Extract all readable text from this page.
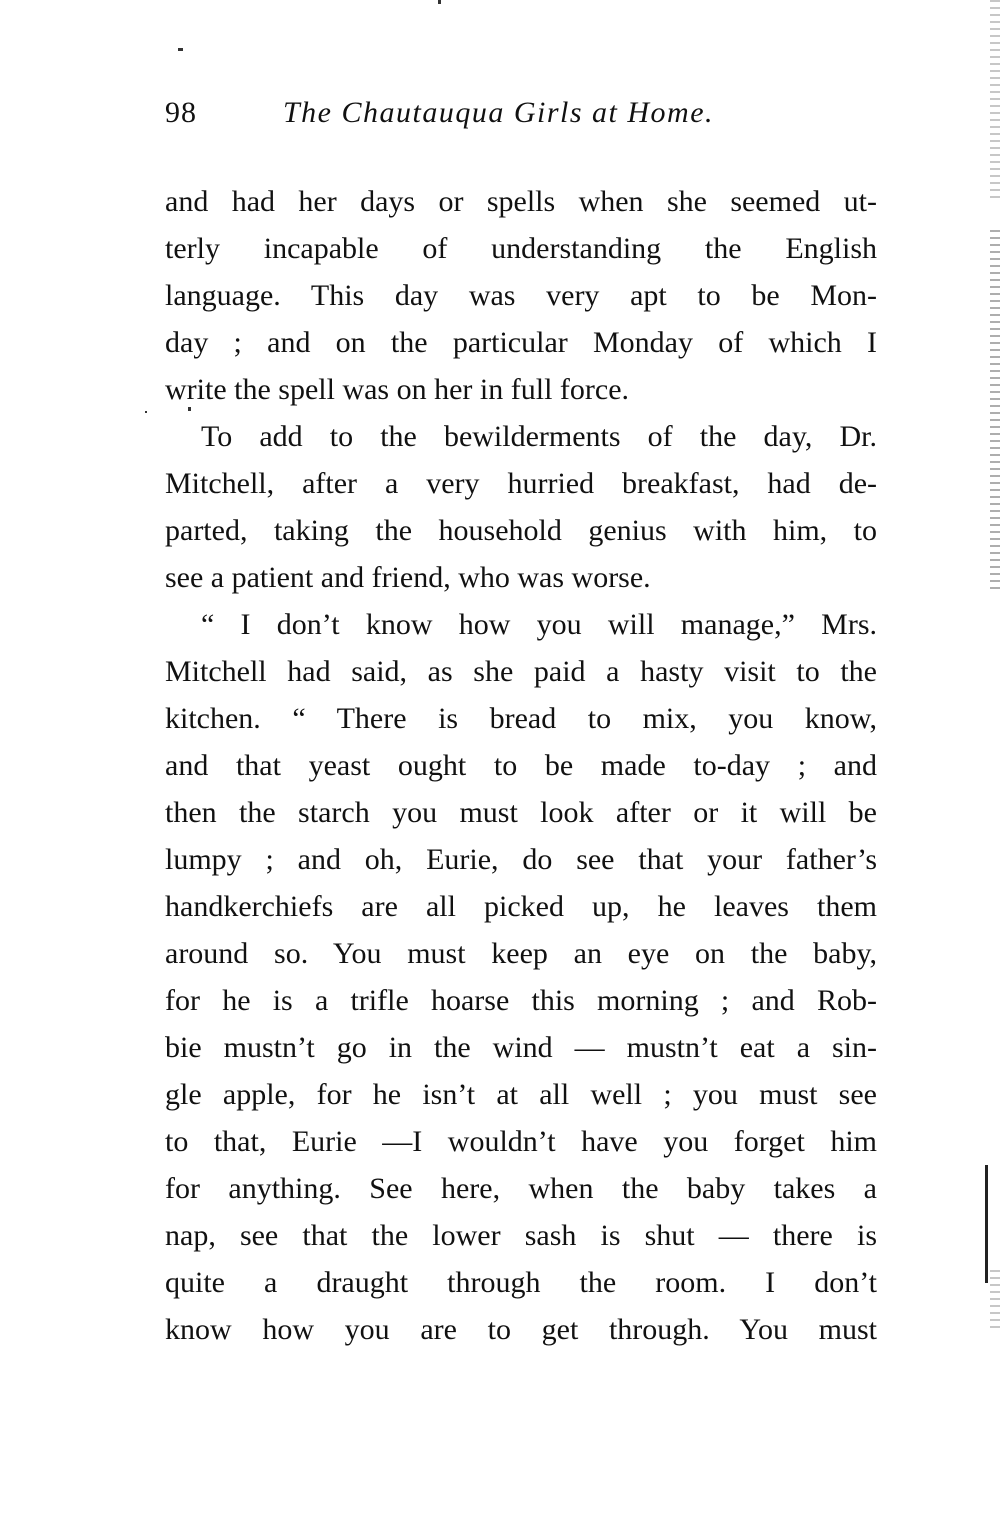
98	The Chautauqua Girls at Home.
and had her days or spells when she seemed ut-
terly incapable of understanding the English
language. This day was very apt to be Mon-
day ; and on the particular Monday of which I
write the spell was on her in full force.
To add to the bewilderments of the day, Dr.
Mitchell, after a very hurried breakfast, had de-
parted, taking the household genius with him, to
see a patient and friend, who was worse.
“ I don’t know how you will manage,” Mrs.
Mitchell had said, as she paid a hasty visit to the
kitchen. “ There is bread to mix, you know,
and that yeast ought to be made to-day ; and
then the starch you must look after or it will be
lumpy ; and oh, Eurie, do see that your father’s
handkerchiefs are all picked up, he leaves them
around so. You must keep an eye on the baby,
for he is a trifle hoarse this morning ; and Rob-
bie mustn’t go in the wind — mustn’t eat a sin-
gle apple, for he isn’t at all well ; you must see
to that, Eurie —I wouldn’t have you forget him
for anything. See here, when the baby takes a
nap, see that the lower sash is shut — there is
quite a draught through the room. I don’t
know how you are to get through. You must
